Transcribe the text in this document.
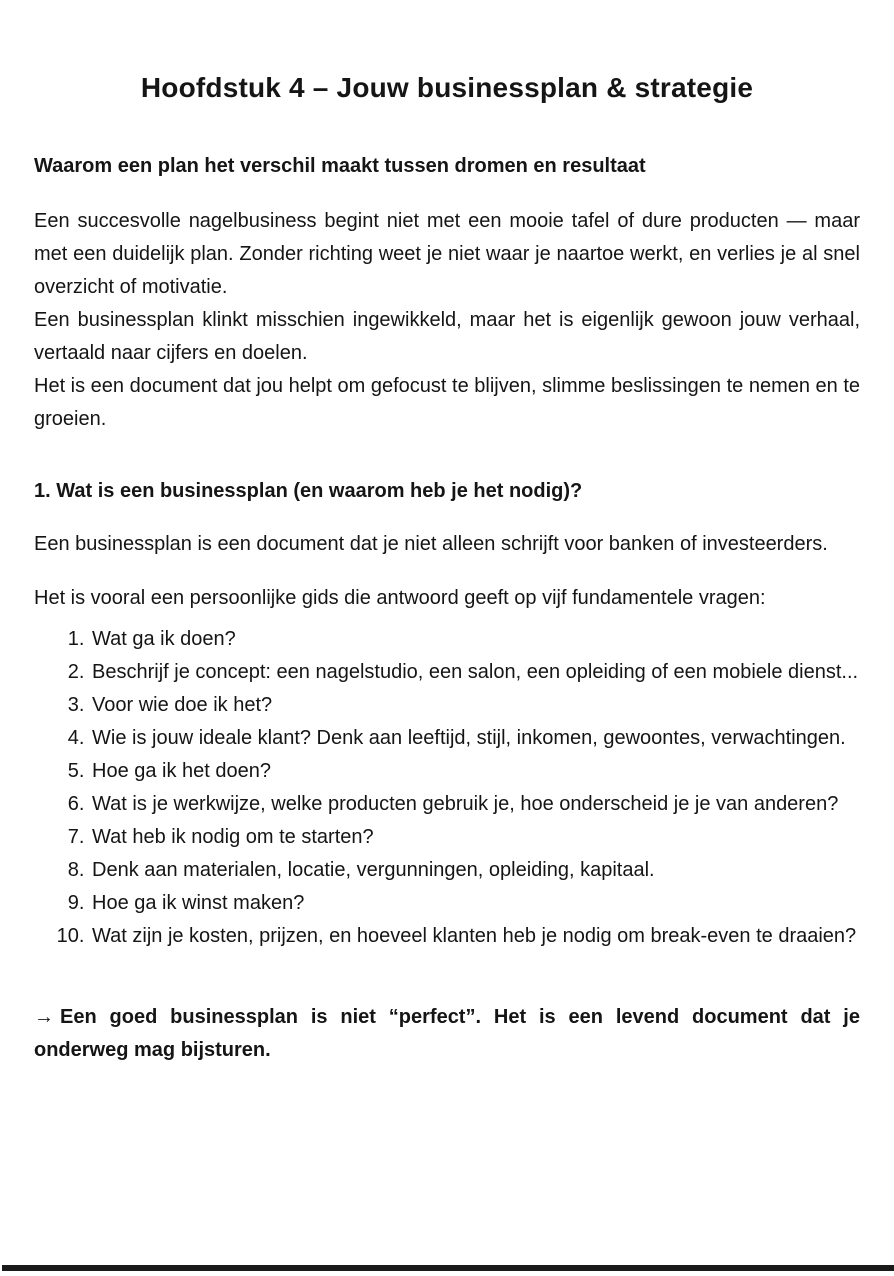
Hoofdstuk 4 – Jouw businessplan & strategie
Waarom een plan het verschil maakt tussen dromen en resultaat

Een succesvolle nagelbusiness begint niet met een mooie tafel of dure producten — maar met een duidelijk plan. Zonder richting weet je niet waar je naartoe werkt, en verlies je al snel overzicht of motivatie.

Een businessplan klinkt misschien ingewikkeld, maar het is eigenlijk gewoon jouw verhaal, vertaald naar cijfers en doelen.

Het is een document dat jou helpt om gefocust te blijven, slimme beslissingen te nemen en te groeien.

1. Wat is een businessplan (en waarom heb je het nodig)?

Een businessplan is een document dat je niet alleen schrijft voor banken of investeerders.

Het is vooral een persoonlijke gids die antwoord geeft op vijf fundamentele vragen:

1. Wat ga ik doen?
2. Beschrijf je concept: een nagelstudio, een salon, een opleiding of een mobiele dienst...
3. Voor wie doe ik het?
4. Wie is jouw ideale klant? Denk aan leeftijd, stijl, inkomen, gewoontes, verwachtingen.
5. Hoe ga ik het doen?
6. Wat is je werkwijze, welke producten gebruik je, hoe onderscheid je je van anderen?
7. Wat heb ik nodig om te starten?
8. Denk aan materialen, locatie, vergunningen, opleiding, kapitaal.
9. Hoe ga ik winst maken?
10. Wat zijn je kosten, prijzen, en hoeveel klanten heb je nodig om break-even te draaien?

→ Een goed businessplan is niet “perfect”. Het is een levend document dat je onderweg mag bijsturen.
